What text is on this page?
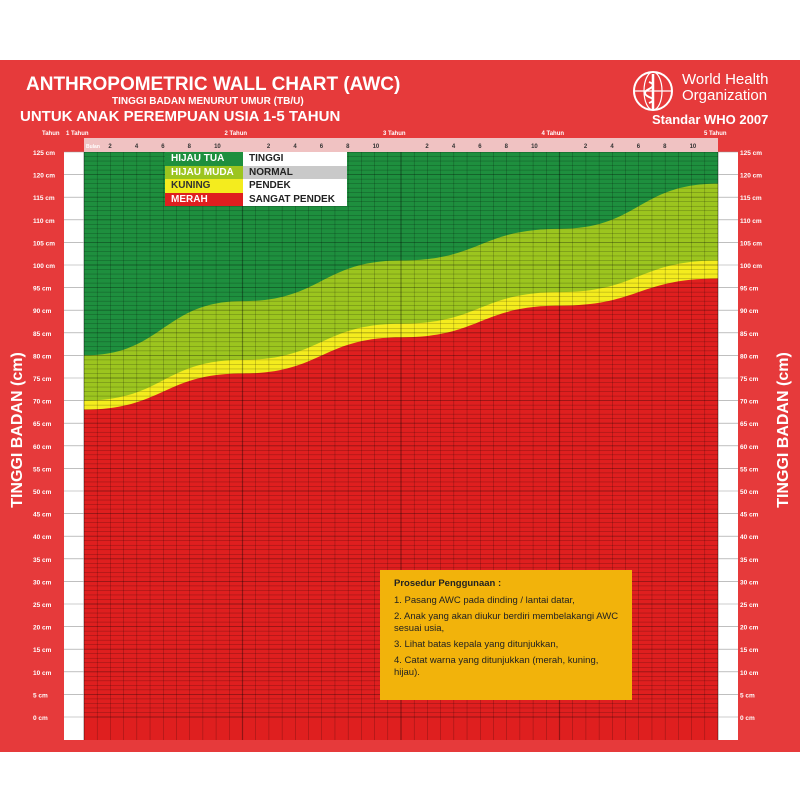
ANTHROPOMETRIC WALL CHART (AWC)
TINGGI BADAN MENURUT UMUR (TB/U)
UNTUK ANAK PEREMPUAN USIA 1-5 TAHUN
World Health Organization
Standar WHO 2007
125 cm	125 cm
120 cm	120 cm
115 cm	115 cm
110 cm	110 cm
105 cm	105 cm
100 cm	100 cm
95 cm	95 cm
90 cm	90 cm
85 cm	85 cm
80 cm	80 cm
75 cm	75 cm
70 cm	70 cm
65 cm	65 cm
60 cm	60 cm
55 cm	55 cm
50 cm	50 cm
45 cm	45 cm
40 cm	40 cm
35 cm	35 cm
30 cm	30 cm
25 cm	25 cm
20 cm	20 cm
15 cm	15 cm
10 cm	10 cm
5 cm	5 cm
0 cm	0 cm
Tahun
Bulan
1 Tahun	2 Tahun	3 Tahun	4 Tahun	5 Tahun
2	4	6	8	10	2	4	6	8	10	2	4	6	8	10	2	4	6	8	10
TINGGI BADAN (cm)	TINGGI BADAN (cm)
HIJAU TUA	TINGGI
HIJAU MUDA	NORMAL
KUNING	PENDEK
MERAH	SANGAT PENDEK
Prosedur Penggunaan :
1. Pasang AWC pada dinding / lantai datar,
2. Anak yang akan diukur berdiri membelakangi AWC sesuai usia,
3. Lihat batas kepala yang ditunjukkan,
4. Catat warna yang ditunjukkan (merah, kuning, hijau).
